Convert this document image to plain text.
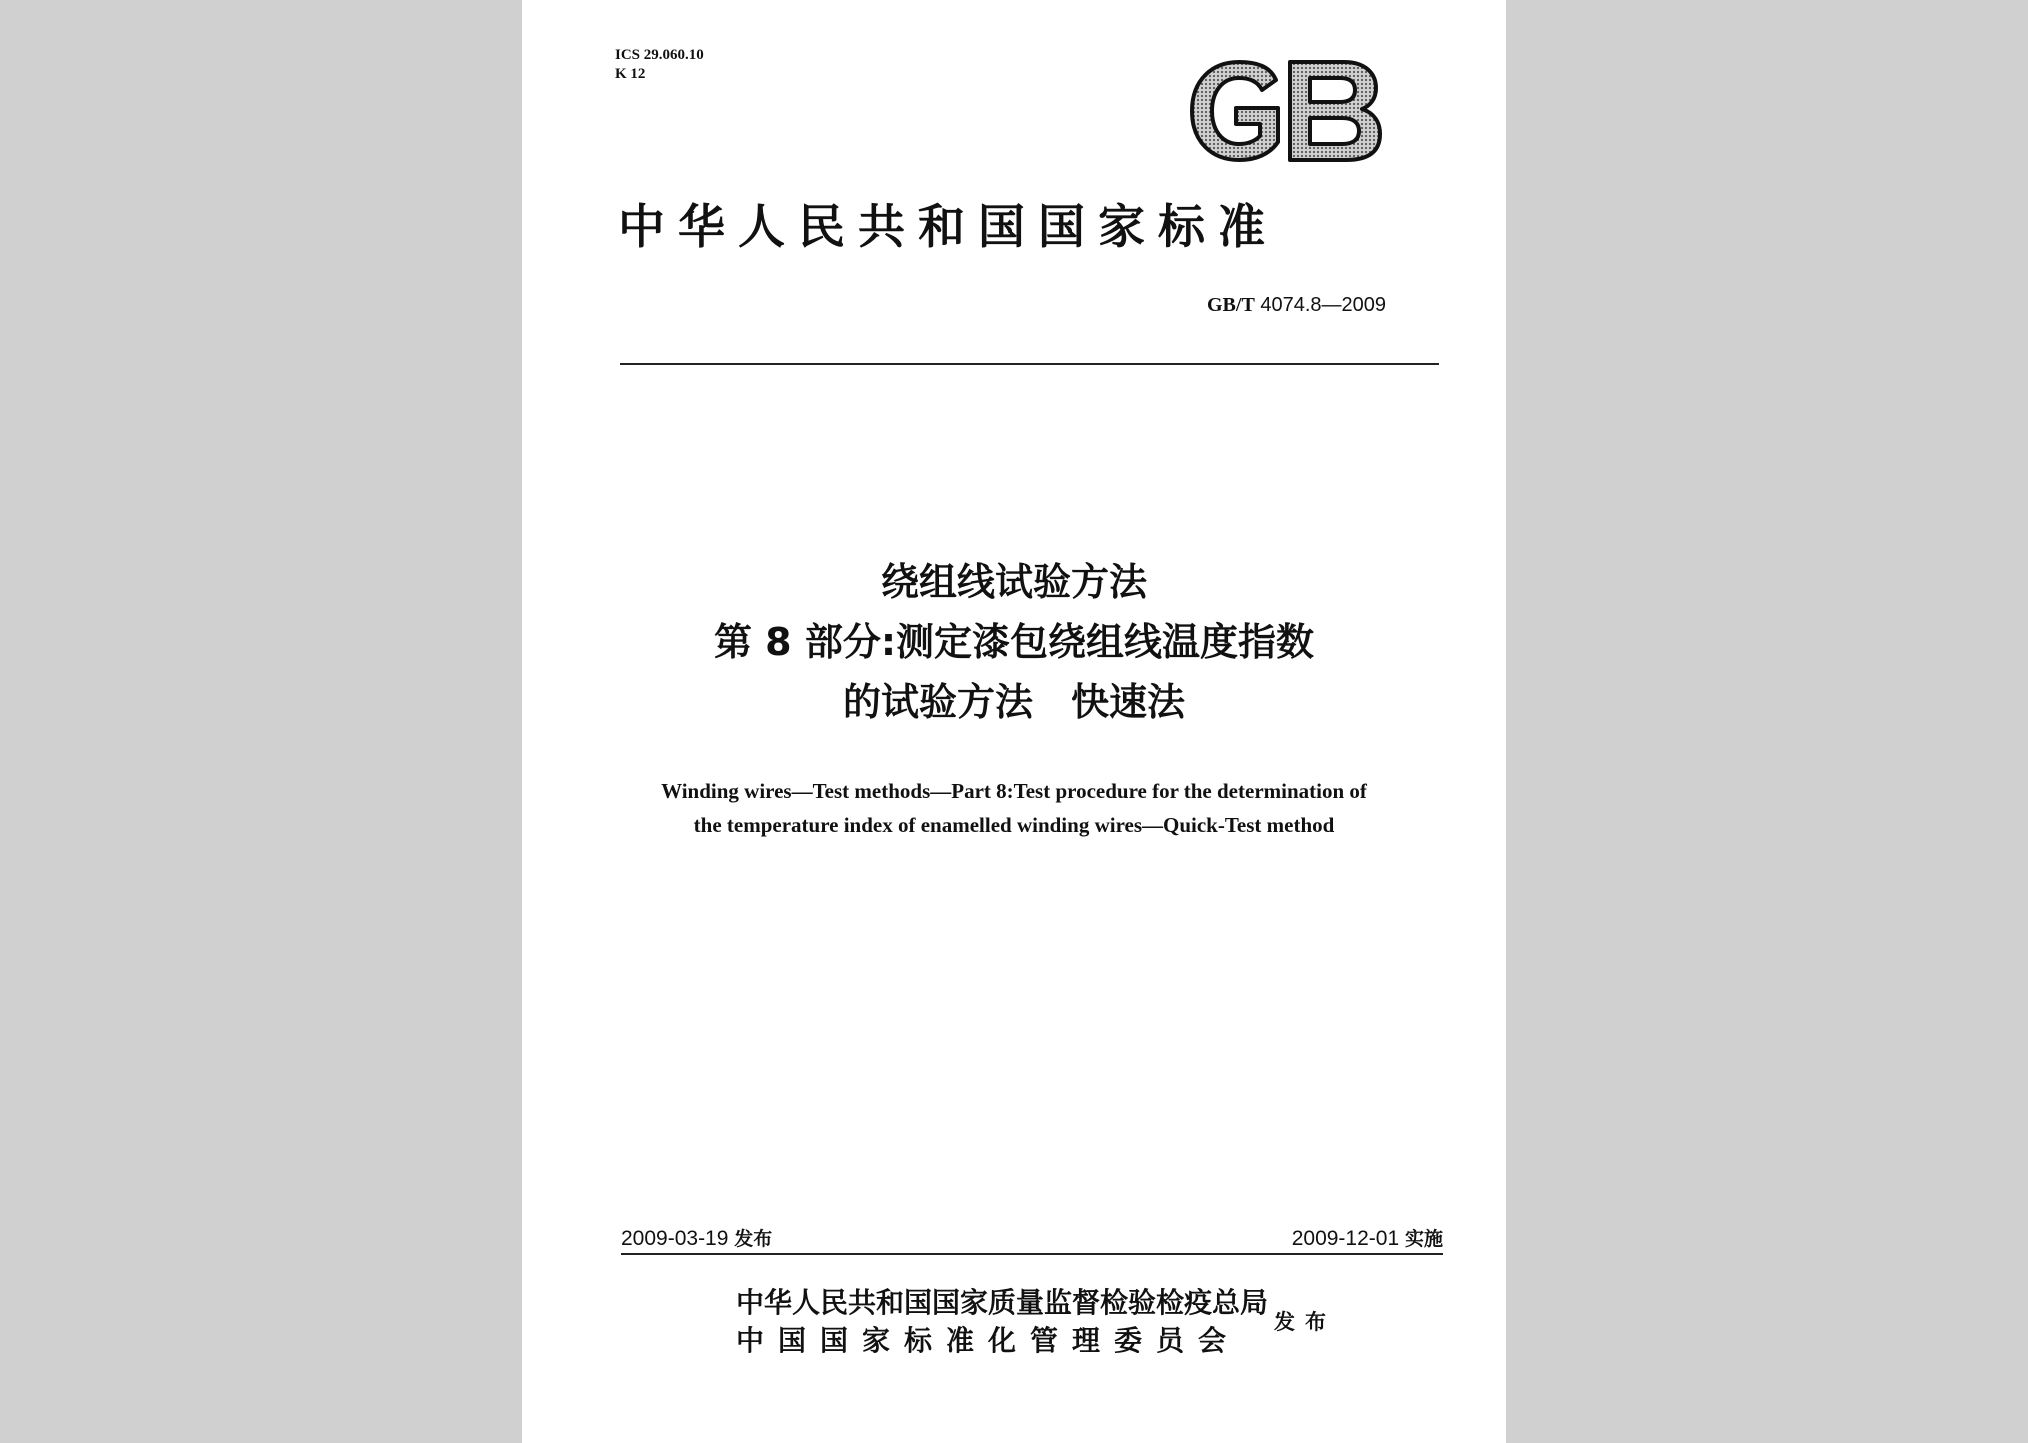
ICS 29.060.10
K 12
GB
中华人民共和国国家标准
GB/T 4074.8—2009
绕组线试验方法
第 8 部分:测定漆包绕组线温度指数
的试验方法　快速法
Winding wires—Test methods—Part 8:Test procedure for the determination of
the temperature index of enamelled winding wires—Quick-Test method
2009-03-19 发布	2009-12-01 实施
中华人民共和国国家质量监督检验检疫总局
中国国家标准化管理委员会
发布
